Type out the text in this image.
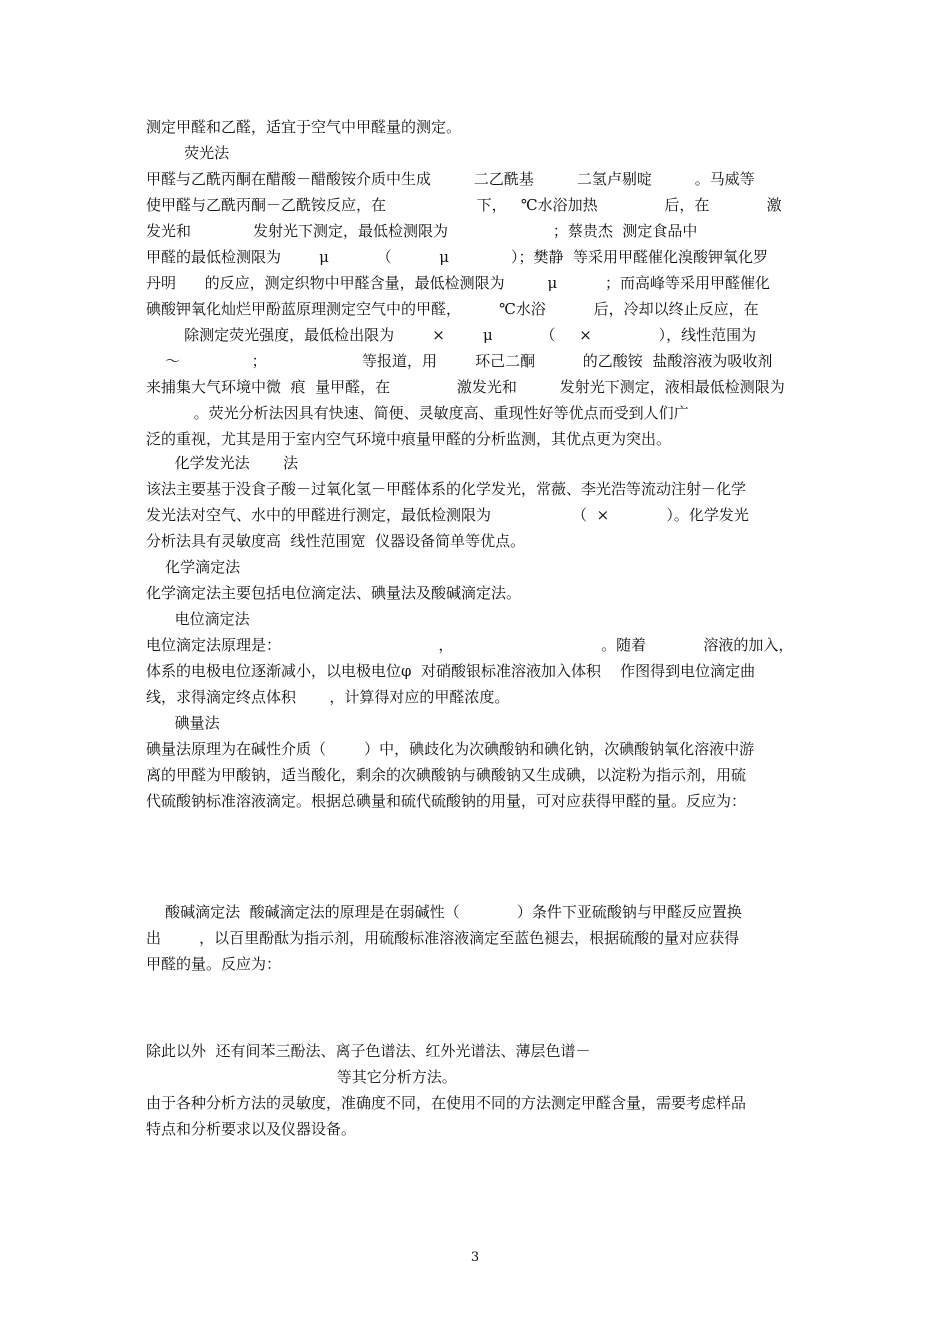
测定甲醛和乙醛，适宜于空气中甲醛量的测定。
荧光法
甲醛与乙酰丙酮在醋酸－醋酸铵介质中生成         二乙酰基         二氢卢剔啶         。马威等
使甲醛与乙酰丙酮－乙酰铵反应，在                   下，   ℃水浴加热              后，在            激
发光和             发射光下测定，最低检测限为                      ；蔡贵杰  测定食品中
甲醛的最低检测限为        μ          （          μ             ）；樊静  等采用甲醛催化溴酸钾氧化罗
丹明      的反应，测定织物中甲醛含量，最低检测限为         μ          ；而高峰等采用甲醛催化
碘酸钾氧化灿烂甲酚蓝原理测定空气中的甲醛，        ℃水浴          后，冷却以终止反应，在
除测定荧光强度，最低检出限为        ×        μ          （     ×              ），线性范围为
～               ；                    等报道，用        环己二酮          的乙酸铵  盐酸溶液为吸收剂
来捕集大气环境中微  痕  量甲醛，在              激发光和         发射光下测定，液相最低检测限为
。荧光分析法因具有快速、简便、灵敏度高、重现性好等优点而受到人们广
泛的重视，尤其是用于室内空气环境中痕量甲醛的分析监测，其优点更为突出。
化学发光法       法
该法主要基于没食子酸－过氧化氢－甲醛体系的化学发光，常薇、李光浩等流动注射－化学
发光法对空气、水中的甲醛进行测定，最低检测限为                 （  ×            ）。化学发光
分析法具有灵敏度高  线性范围宽  仪器设备简单等优点。
化学滴定法
化学滴定法主要包括电位滴定法、碘量法及酸碱滴定法。
电位滴定法
电位滴定法原理是：                                 ，                               。随着            溶液的加入，
体系的电极电位逐渐减小，以电极电位φ  对硝酸银标准溶液加入体积    作图得到电位滴定曲
线，求得滴定终点体积       ，计算得对应的甲醛浓度。
碘量法
碘量法原理为在碱性介质（        ）中，碘歧化为次碘酸钠和碘化钠，次碘酸钠氧化溶液中游
离的甲醛为甲酸钠，适当酸化，剩余的次碘酸钠与碘酸钠又生成碘，以淀粉为指示剂，用硫
代硫酸钠标准溶液滴定。根据总碘量和硫代硫酸钠的用量，可对应获得甲醛的量。反应为：
酸碱滴定法  酸碱滴定法的原理是在弱碱性（            ）条件下亚硫酸钠与甲醛反应置换
出        ，以百里酚酞为指示剂，用硫酸标准溶液滴定至蓝色褪去，根据硫酸的量对应获得
甲醛的量。反应为：
除此以外  还有间苯三酚法、离子色谱法、红外光谱法、薄层色谱－
等其它分析方法。
由于各种分析方法的灵敏度，准确度不同，在使用不同的方法测定甲醛含量，需要考虑样品
特点和分析要求以及仪器设备。
3
